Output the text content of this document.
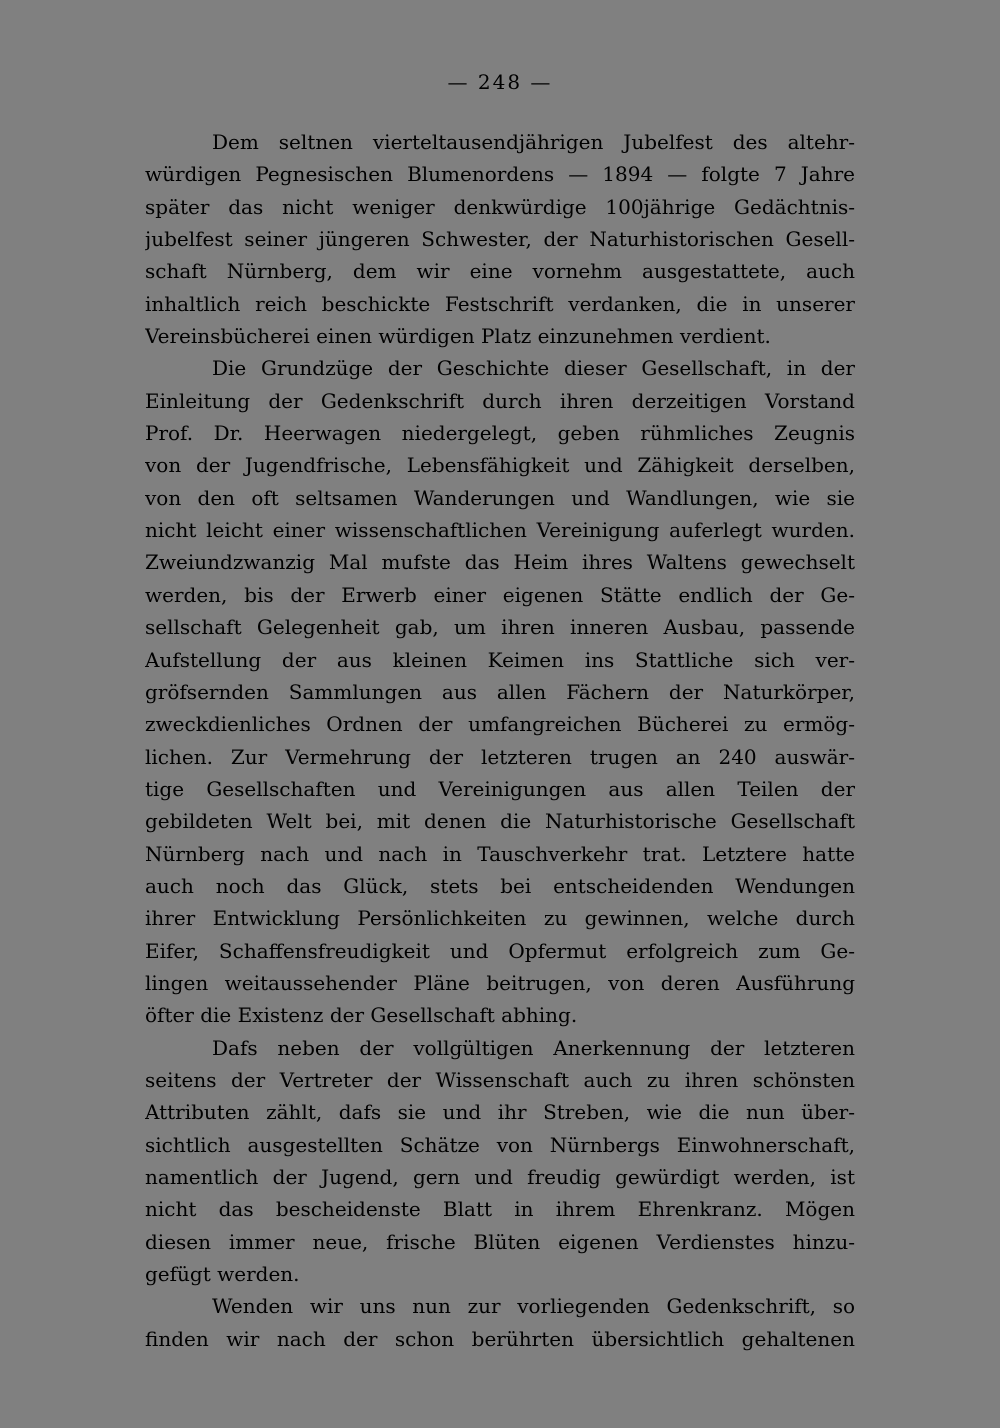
— 248 —
Dem seltnen vierteltausendjährigen Jubelfest des altehr-
würdigen Pegnesischen Blumenordens — 1894 — folgte 7 Jahre
später das nicht weniger denkwürdige 100jährige Gedächtnis-
jubelfest seiner jüngeren Schwester, der Naturhistorischen Gesell-
schaft Nürnberg, dem wir eine vornehm ausgestattete, auch
inhaltlich reich beschickte Festschrift verdanken, die in unserer
Vereinsbücherei einen würdigen Platz einzunehmen verdient.
Die Grundzüge der Geschichte dieser Gesellschaft, in der
Einleitung der Gedenkschrift durch ihren derzeitigen Vorstand
Prof. Dr. Heerwagen niedergelegt, geben rühmliches Zeugnis
von der Jugendfrische, Lebensfähigkeit und Zähigkeit derselben,
von den oft seltsamen Wanderungen und Wandlungen, wie sie
nicht leicht einer wissenschaftlichen Vereinigung auferlegt wurden.
Zweiundzwanzig Mal mufste das Heim ihres Waltens gewechselt
werden, bis der Erwerb einer eigenen Stätte endlich der Ge-
sellschaft Gelegenheit gab, um ihren inneren Ausbau, passende
Aufstellung der aus kleinen Keimen ins Stattliche sich ver-
gröfsernden Sammlungen aus allen Fächern der Naturkörper,
zweckdienliches Ordnen der umfangreichen Bücherei zu ermög-
lichen. Zur Vermehrung der letzteren trugen an 240 auswär-
tige Gesellschaften und Vereinigungen aus allen Teilen der
gebildeten Welt bei, mit denen die Naturhistorische Gesellschaft
Nürnberg nach und nach in Tauschverkehr trat. Letztere hatte
auch noch das Glück, stets bei entscheidenden Wendungen
ihrer Entwicklung Persönlichkeiten zu gewinnen, welche durch
Eifer, Schaffensfreudigkeit und Opfermut erfolgreich zum Ge-
lingen weitaussehender Pläne beitrugen, von deren Ausführung
öfter die Existenz der Gesellschaft abhing.
Dafs neben der vollgültigen Anerkennung der letzteren
seitens der Vertreter der Wissenschaft auch zu ihren schönsten
Attributen zählt, dafs sie und ihr Streben, wie die nun über-
sichtlich ausgestellten Schätze von Nürnbergs Einwohnerschaft,
namentlich der Jugend, gern und freudig gewürdigt werden, ist
nicht das bescheidenste Blatt in ihrem Ehrenkranz. Mögen
diesen immer neue, frische Blüten eigenen Verdienstes hinzu-
gefügt werden.
Wenden wir uns nun zur vorliegenden Gedenkschrift, so
finden wir nach der schon berührten übersichtlich gehaltenen
